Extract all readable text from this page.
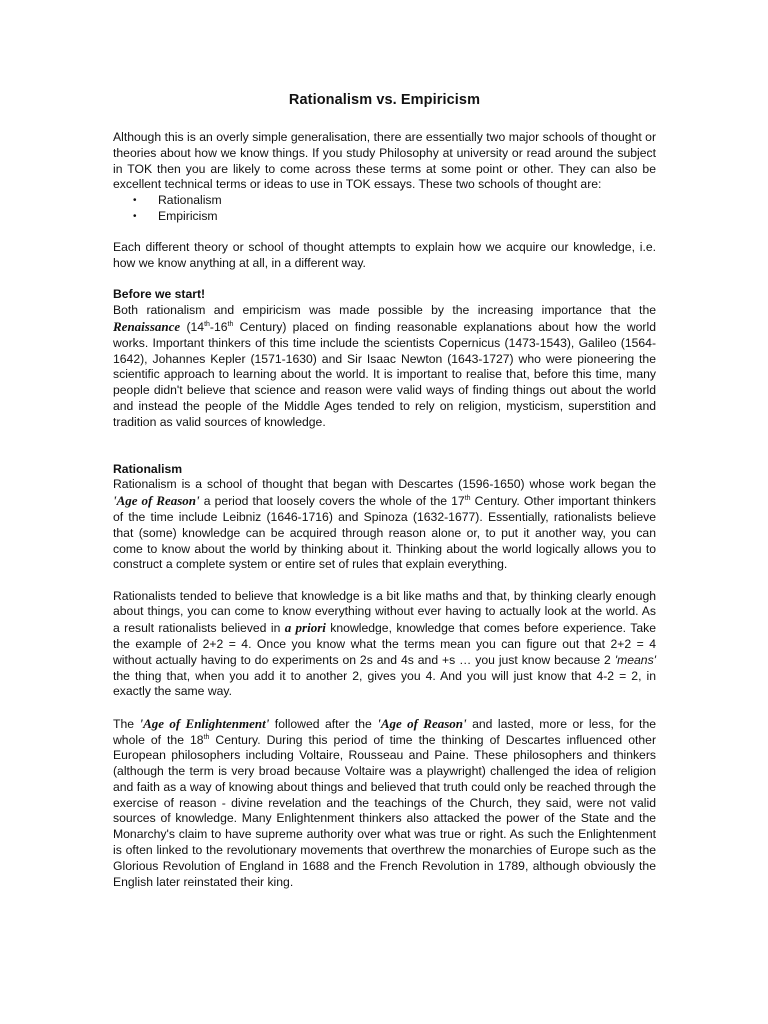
Rationalism vs. Empiricism

Although this is an overly simple generalisation, there are essentially two major schools of thought or theories about how we know things. If you study Philosophy at university or read around the subject in TOK then you are likely to come across these terms at some point or other. They can also be excellent technical terms or ideas to use in TOK essays. These two schools of thought are:

• Rationalism
• Empiricism

Each different theory or school of thought attempts to explain how we acquire our knowledge, i.e. how we know anything at all, in a different way.

Before we start!

Both rationalism and empiricism was made possible by the increasing importance that the Renaissance (14th-16th Century) placed on finding reasonable explanations about how the world works. Important thinkers of this time include the scientists Copernicus (1473-1543), Galileo (1564-1642), Johannes Kepler (1571-1630) and Sir Isaac Newton (1643-1727) who were pioneering the scientific approach to learning about the world. It is important to realise that, before this time, many people didn't believe that science and reason were valid ways of finding things out about the world and instead the people of the Middle Ages tended to rely on religion, mysticism, superstition and tradition as valid sources of knowledge.

Rationalism

Rationalism is a school of thought that began with Descartes (1596-1650) whose work began the 'Age of Reason' a period that loosely covers the whole of the 17th Century. Other important thinkers of the time include Leibniz (1646-1716) and Spinoza (1632-1677). Essentially, rationalists believe that (some) knowledge can be acquired through reason alone or, to put it another way, you can come to know about the world by thinking about it. Thinking about the world logically allows you to construct a complete system or entire set of rules that explain everything.

Rationalists tended to believe that knowledge is a bit like maths and that, by thinking clearly enough about things, you can come to know everything without ever having to actually look at the world. As a result rationalists believed in a priori knowledge, knowledge that comes before experience. Take the example of 2+2 = 4. Once you know what the terms mean you can figure out that 2+2 = 4 without actually having to do experiments on 2s and 4s and +s … you just know because 2 'means' the thing that, when you add it to another 2, gives you 4. And you will just know that 4-2 = 2, in exactly the same way.

The 'Age of Enlightenment' followed after the 'Age of Reason' and lasted, more or less, for the whole of the 18th Century. During this period of time the thinking of Descartes influenced other European philosophers including Voltaire, Rousseau and Paine. These philosophers and thinkers (although the term is very broad because Voltaire was a playwright) challenged the idea of religion and faith as a way of knowing about things and believed that truth could only be reached through the exercise of reason - divine revelation and the teachings of the Church, they said, were not valid sources of knowledge. Many Enlightenment thinkers also attacked the power of the State and the Monarchy's claim to have supreme authority over what was true or right. As such the Enlightenment is often linked to the revolutionary movements that overthrew the monarchies of Europe such as the Glorious Revolution of England in 1688 and the French Revolution in 1789, although obviously the English later reinstated their king.
